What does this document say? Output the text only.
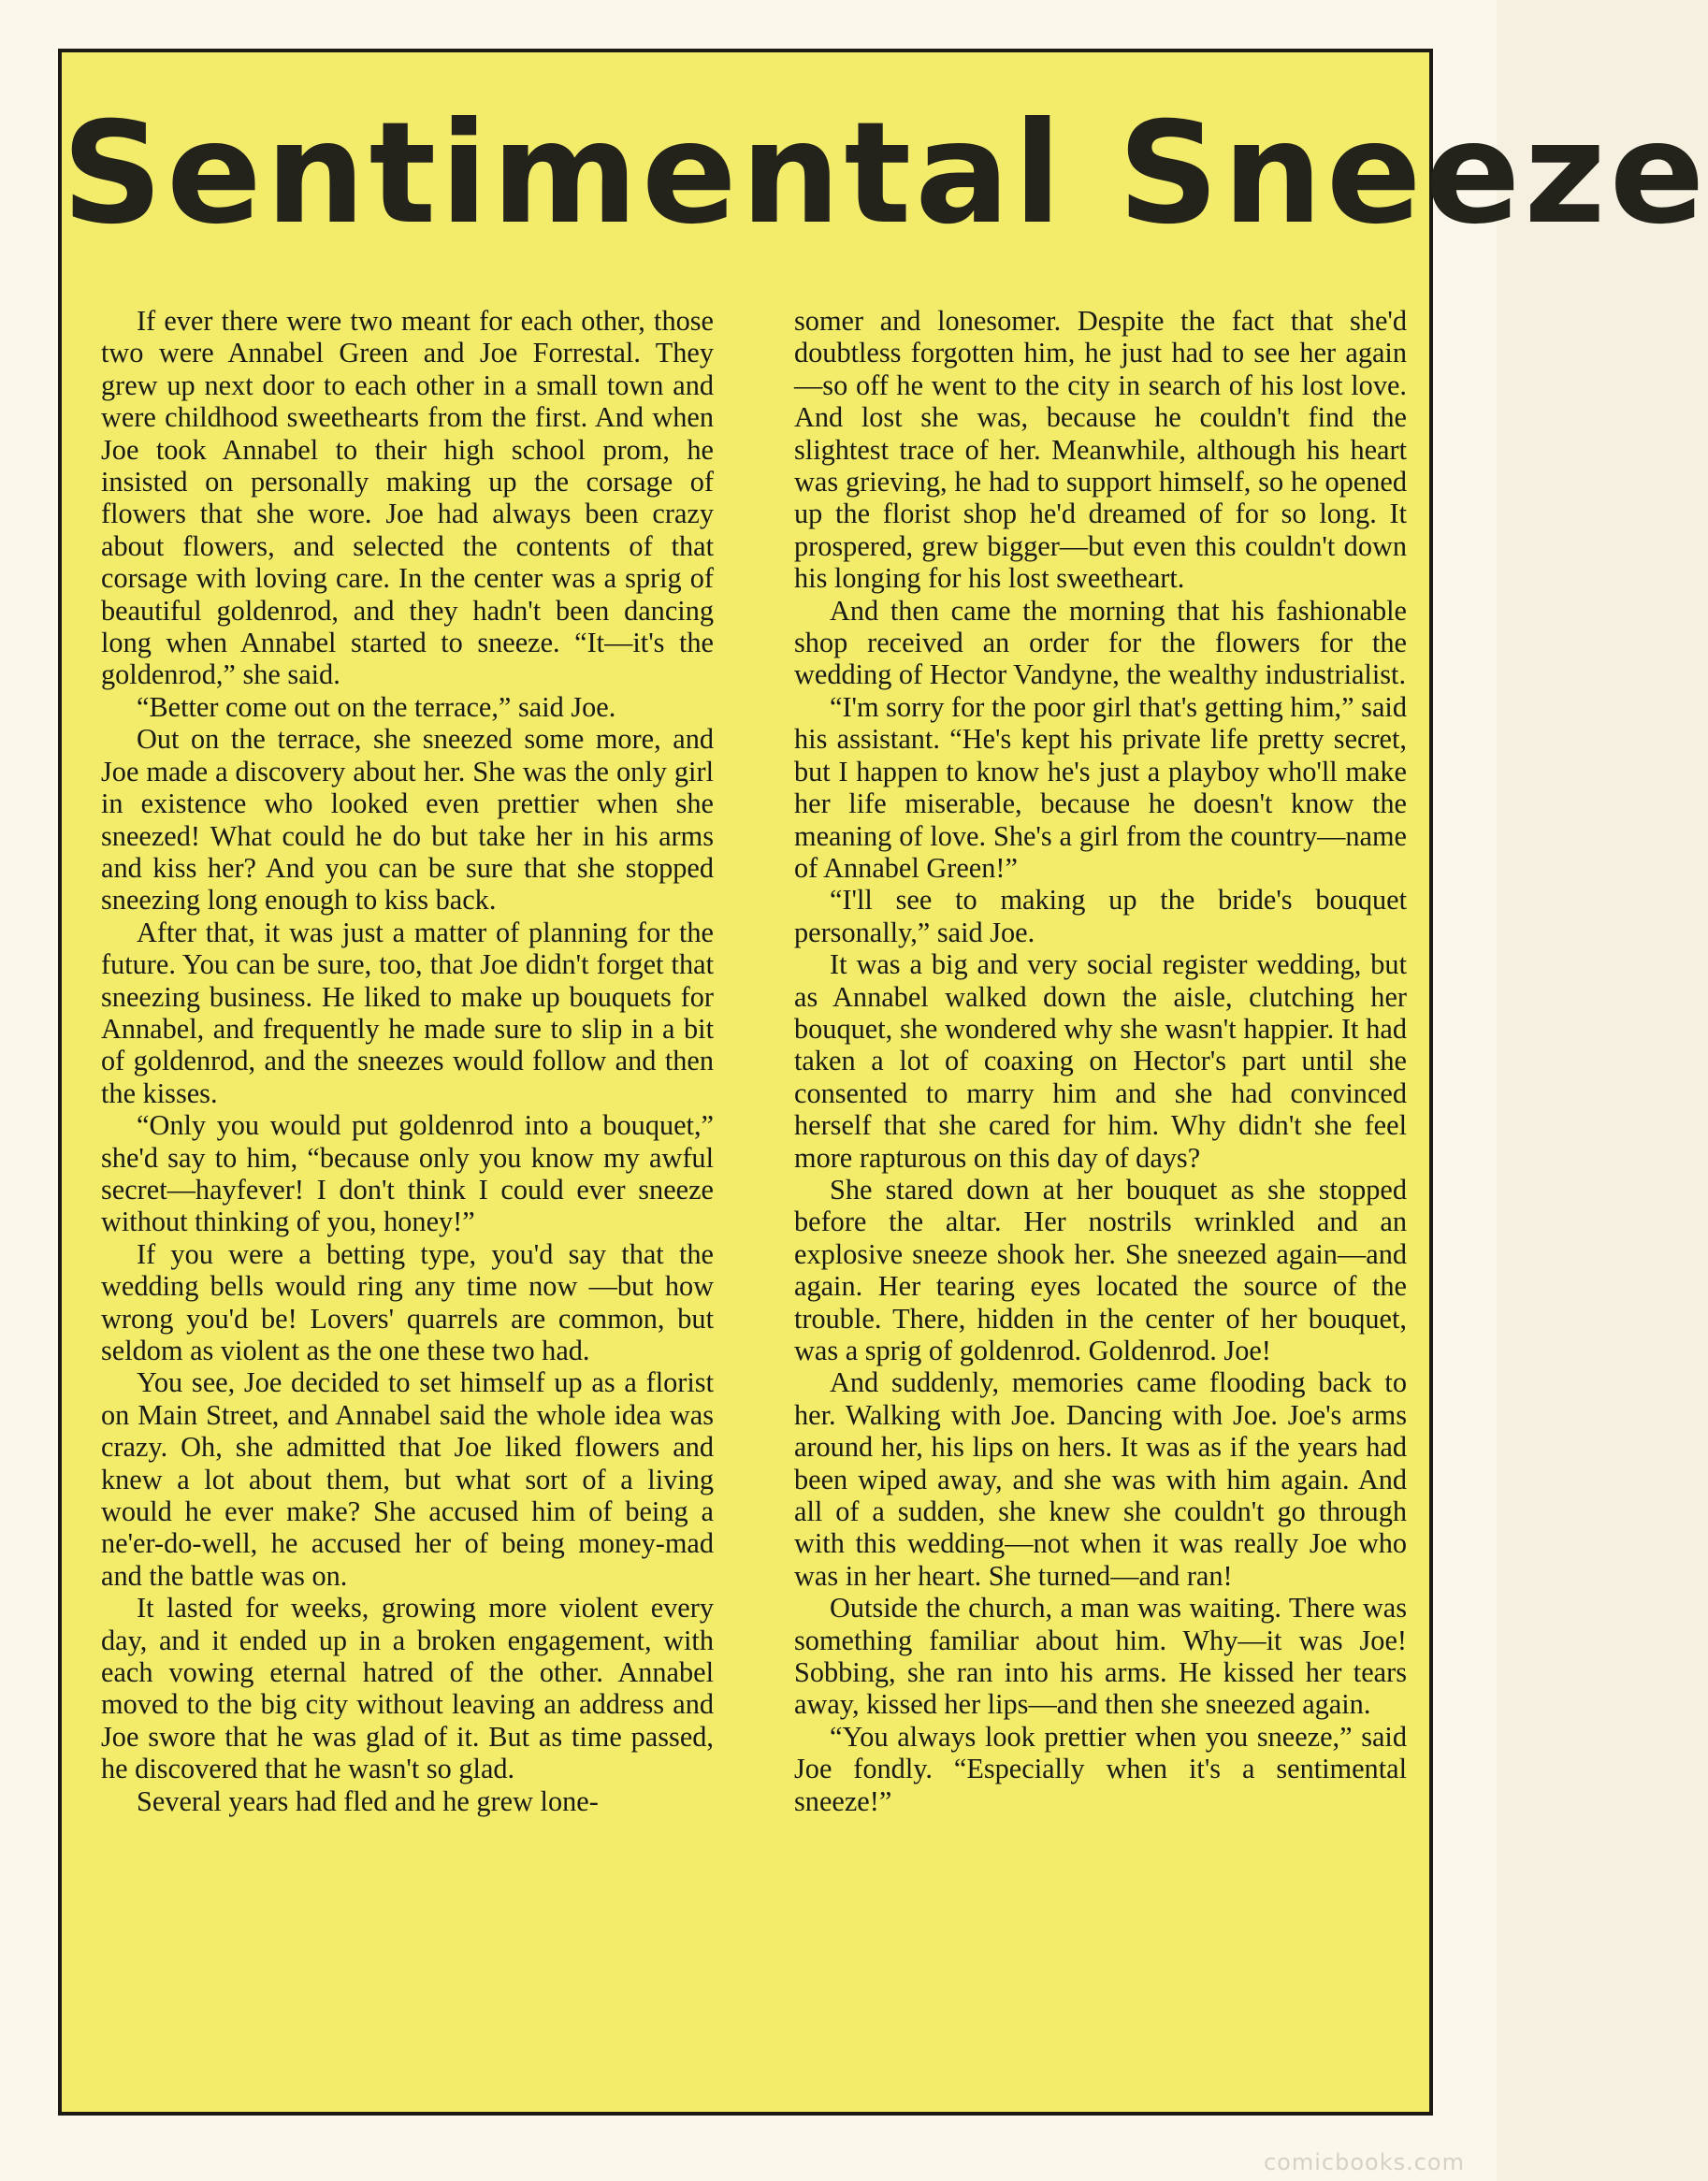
Sentimental Sneeze

If ever there were two meant for each other, those two were Annabel Green and Joe Forrestal. They grew up next door to each other in a small town and were childhood sweethearts from the first. And when Joe took Annabel to their high school prom, he insisted on personally making up the corsage of flowers that she wore. Joe had always been crazy about flowers, and selected the contents of that corsage with loving care. In the center was a sprig of beautiful goldenrod, and they hadn't been dancing long when Annabel started to sneeze. “It—it's the goldenrod,” she said.

“Better come out on the terrace,” said Joe.

Out on the terrace, she sneezed some more, and Joe made a discovery about her. She was the only girl in existence who looked even prettier when she sneezed! What could he do but take her in his arms and kiss her? And you can be sure that she stopped sneezing long enough to kiss back.

After that, it was just a matter of planning for the future. You can be sure, too, that Joe didn't forget that sneezing business. He liked to make up bouquets for Annabel, and frequently he made sure to slip in a bit of goldenrod, and the sneezes would follow and then the kisses.

“Only you would put goldenrod into a bouquet,” she'd say to him, “because only you know my awful secret—hayfever! I don't think I could ever sneeze without thinking of you, honey!”

If you were a betting type, you'd say that the wedding bells would ring any time now —but how wrong you'd be! Lovers' quarrels are common, but seldom as violent as the one these two had.

You see, Joe decided to set himself up as a florist on Main Street, and Annabel said the whole idea was crazy. Oh, she admitted that Joe liked flowers and knew a lot about them, but what sort of a living would he ever make? She accused him of being a ne'er-do-well, he accused her of being money-mad and the battle was on.

It lasted for weeks, growing more violent every day, and it ended up in a broken engagement, with each vowing eternal hatred of the other. Annabel moved to the big city without leaving an address and Joe swore that he was glad of it. But as time passed, he discovered that he wasn't so glad.

Several years had fled and he grew lone-

somer and lonesomer. Despite the fact that she'd doubtless forgotten him, he just had to see her again—so off he went to the city in search of his lost love. And lost she was, because he couldn't find the slightest trace of her. Meanwhile, although his heart was grieving, he had to support himself, so he opened up the florist shop he'd dreamed of for so long. It prospered, grew bigger—but even this couldn't down his longing for his lost sweetheart.

And then came the morning that his fashionable shop received an order for the flowers for the wedding of Hector Vandyne, the wealthy industrialist.

“I'm sorry for the poor girl that's getting him,” said his assistant. “He's kept his private life pretty secret, but I happen to know he's just a playboy who'll make her life miserable, because he doesn't know the meaning of love. She's a girl from the country—name of Annabel Green!”

“I'll see to making up the bride's bouquet personally,” said Joe.

It was a big and very social register wedding, but as Annabel walked down the aisle, clutching her bouquet, she wondered why she wasn't happier. It had taken a lot of coaxing on Hector's part until she consented to marry him and she had convinced herself that she cared for him. Why didn't she feel more rapturous on this day of days?

She stared down at her bouquet as she stopped before the altar. Her nostrils wrinkled and an explosive sneeze shook her. She sneezed again—and again. Her tearing eyes located the source of the trouble. There, hidden in the center of her bouquet, was a sprig of goldenrod. Goldenrod. Joe!

And suddenly, memories came flooding back to her. Walking with Joe. Dancing with Joe. Joe's arms around her, his lips on hers. It was as if the years had been wiped away, and she was with him again. And all of a sudden, she knew she couldn't go through with this wedding—not when it was really Joe who was in her heart. She turned—and ran!

Outside the church, a man was waiting. There was something familiar about him. Why—it was Joe! Sobbing, she ran into his arms. He kissed her tears away, kissed her lips—and then she sneezed again.

“You always look prettier when you sneeze,” said Joe fondly. “Especially when it's a sentimental sneeze!”

comicbooks.com
